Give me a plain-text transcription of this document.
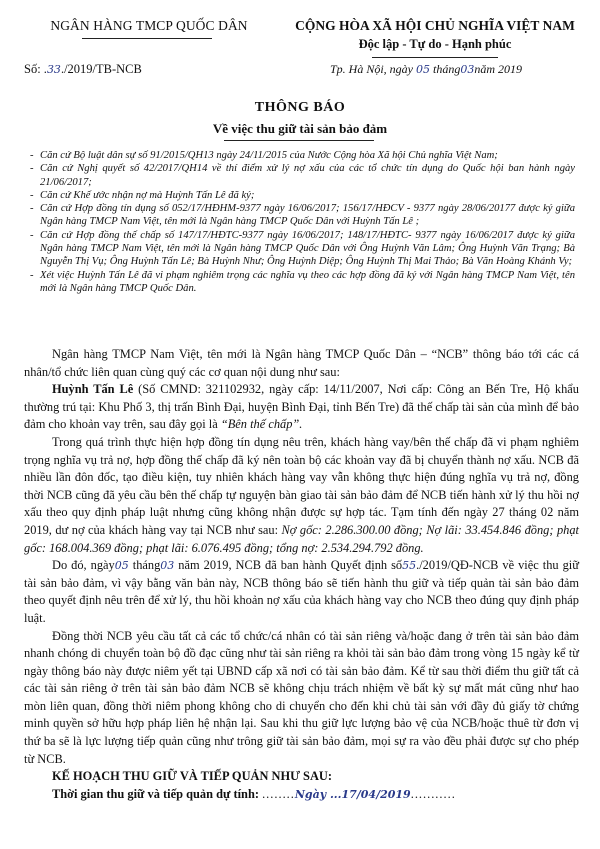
NGÂN HÀNG TMCP QUỐC DÂN	CỘNG HÒA XÃ HỘI CHỦ NGHĨA VIỆT NAM
Độc lập - Tự do - Hạnh phúc
Số: .33./2019/TB-NCB	Tp. Hà Nội, ngày 05 tháng03năm 2019
THÔNG BÁO
Về việc thu giữ tài sản bảo đảm
- Căn cứ Bộ luật dân sự số 91/2015/QH13 ngày 24/11/2015 của Nước Cộng hòa Xã hội Chủ nghĩa Việt Nam;
- Căn cứ Nghị quyết số 42/2017/QH14 về thí điểm xử lý nợ xấu của các tổ chức tín dụng do Quốc hội ban hành ngày 21/06/2017;
- Căn cứ Khế ước nhận nợ mà Huỳnh Tấn Lê đã ký;
- Căn cứ Hợp đồng tín dụng số 052/17/HĐHM-9377 ngày 16/06/2017; 156/17/HĐCV - 9377 ngày 28/06/20177 được ký giữa Ngân hàng TMCP Nam Việt, tên mới là Ngân hàng TMCP Quốc Dân với Huỳnh Tấn Lê ;
- Căn cứ Hợp đồng thế chấp số 147/17/HĐTC-9377 ngày 16/06/2017; 148/17/HĐTC- 9377 ngày 16/06/2017 được ký giữa Ngân hàng TMCP Nam Việt, tên mới là Ngân hàng TMCP Quốc Dân với Ông Huỳnh Văn Lâm; Ông Huỳnh Văn Trạng; Bà Nguyễn Thị Vụ; Ông Huỳnh Tấn Lê; Bà Huỳnh Như; Ông Huỳnh Diệp; Ông Huỳnh Thị Mai Thảo; Bà Văn Hoàng Khánh Vy;
- Xét việc Huỳnh Tấn Lê đã vi phạm nghiêm trọng các nghĩa vụ theo các hợp đồng đã ký với Ngân hàng TMCP Nam Việt, tên mới là Ngân hàng TMCP Quốc Dân.

Ngân hàng TMCP Nam Việt, tên mới là Ngân hàng TMCP Quốc Dân – “NCB” thông báo tới các cá nhân/tổ chức liên quan cùng quý các cơ quan nội dung như sau:

Huỳnh Tấn Lê (Số CMND: 321102932, ngày cấp: 14/11/2007, Nơi cấp: Công an Bến Tre, Hộ khẩu thường trú tại: Khu Phố 3, thị trấn Bình Đại, huyện Bình Đại, tỉnh Bến Tre) đã thế chấp tài sản của mình để bảo đảm cho khoản vay trên, sau đây gọi là “Bên thế chấp”.

Trong quá trình thực hiện hợp đồng tín dụng nêu trên, khách hàng vay/bên thế chấp đã vi phạm nghiêm trọng nghĩa vụ trả nợ, hợp đồng thế chấp đã ký nên toàn bộ các khoản vay đã bị chuyển thành nợ xấu. NCB đã nhiều lần đôn đốc, tạo điều kiện, tuy nhiên khách hàng vay vẫn không thực hiện đúng nghĩa vụ trả nợ, đồng thời NCB cũng đã yêu cầu bên thế chấp tự nguyện bàn giao tài sản bảo đảm để NCB tiến hành xử lý thu hồi nợ xấu theo quy định pháp luật nhưng cũng không nhận được sự hợp tác. Tạm tính đến ngày 27 tháng 02 năm 2019, dư nợ của khách hàng vay tại NCB như sau: Nợ gốc: 2.286.300.00 đồng; Nợ lãi: 33.454.846 đồng; phạt gốc: 168.004.369 đồng; phạt lãi: 6.076.495 đồng; tổng nợ: 2.534.294.792 đồng.

Do đó, ngày05 tháng03 năm 2019, NCB đã ban hành Quyết định số55./2019/QĐ-NCB về việc thu giữ tài sản bảo đảm, vì vậy bằng văn bản này, NCB thông báo sẽ tiến hành thu giữ và tiếp quản tài sản bảo đảm theo quyết định nêu trên để xử lý, thu hồi khoản nợ xấu của khách hàng vay cho NCB theo đúng quy định pháp luật.

Đồng thời NCB yêu cầu tất cả các tổ chức/cá nhân có tài sản riêng và/hoặc đang ở trên tài sản bảo đảm nhanh chóng di chuyển toàn bộ đồ đạc cũng như tài sản riêng ra khỏi tài sản bảo đảm trong vòng 15 ngày kể từ ngày thông báo này được niêm yết tại UBND cấp xã nơi có tài sản bảo đảm. Kể từ sau thời điểm thu giữ tất cả các tài sản riêng ở trên tài sản bảo đảm NCB sẽ không chịu trách nhiệm về bất kỳ sự mất mát cũng như hao mòn liên quan, đồng thời niêm phong không cho di chuyển cho đến khi chủ tài sản với đầy đủ giấy tờ chứng minh quyền sở hữu hợp pháp liên hệ nhận lại. Sau khi thu giữ lực lượng bảo vệ của NCB/hoặc thuê từ đơn vị thứ ba sẽ là lực lượng tiếp quản cũng như trông giữ tài sản bảo đảm, mọi sự ra vào đều phải được sự cho phép từ NCB.

KẾ HOẠCH THU GIỮ VÀ TIẾP QUẢN NHƯ SAU:

Thời gian thu giữ và tiếp quản dự tính: ........Ngày ...17/04/2019...........
